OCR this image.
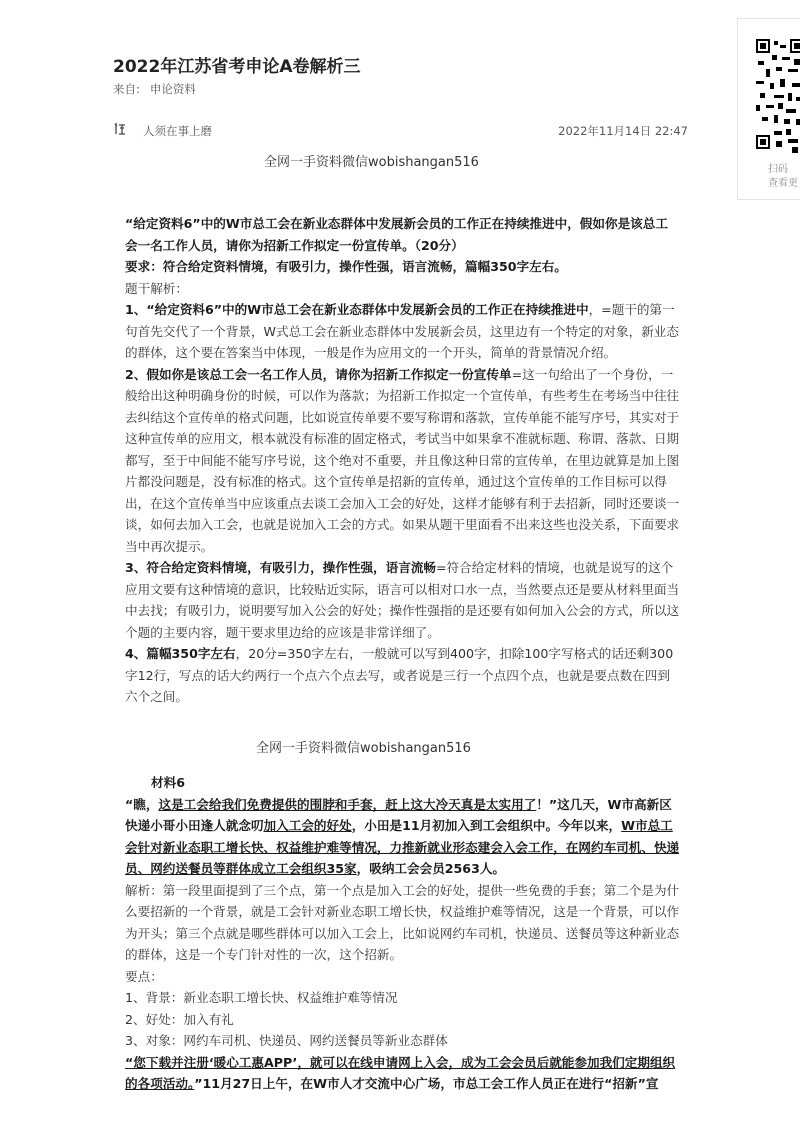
2022年江苏省考申论A卷解析三
来自: 申论资料
人须在事上磨	2022年11月14日 22:47
扫码
查看更
全网一手资料微信wobishangan516

“给定资料6”中的W市总工会在新业态群体中发展新会员的工作正在持续推进中，假如你是该总工会一名工作人员，请你为招新工作拟定一份宣传单。（20分）

要求：符合给定资料情境，有吸引力，操作性强，语言流畅，篇幅350字左右。

题干解析：

1、“给定资料6”中的W市总工会在新业态群体中发展新会员的工作正在持续推进中，=题干的第一句首先交代了一个背景，W式总工会在新业态群体中发展新会员，这里边有一个特定的对象，新业态的群体，这个要在答案当中体现，一般是作为应用文的一个开头，简单的背景情况介绍。

2、假如你是该总工会一名工作人员，请你为招新工作拟定一份宣传单=这一句给出了一个身份，一般给出这种明确身份的时候，可以作为落款；为招新工作拟定一个宣传单，有些考生在考场当中往往去纠结这个宣传单的格式问题，比如说宣传单要不要写称谓和落款，宣传单能不能写序号，其实对于这种宣传单的应用文，根本就没有标准的固定格式，考试当中如果拿不准就标题、称谓、落款、日期都写，至于中间能不能写序号说，这个绝对不重要，并且像这种日常的宣传单，在里边就算是加上图片都没问题是，没有标准的格式。这个宣传单是招新的宣传单，通过这个宣传单的工作目标可以得出，在这个宣传单当中应该重点去谈工会加入工会的好处，这样才能够有利于去招新，同时还要谈一谈，如何去加入工会，也就是说加入工会的方式。如果从题干里面看不出来这些也没关系，下面要求当中再次提示。

3、符合给定资料情境，有吸引力，操作性强，语言流畅=符合给定材料的情境，也就是说写的这个应用文要有这种情境的意识，比较贴近实际，语言可以相对口水一点，当然要点还是要从材料里面当中去找；有吸引力，说明要写加入公会的好处；操作性强指的是还要有如何加入公会的方式，所以这个题的主要内容，题干要求里边给的应该是非常详细了。

4、篇幅350字左右，20分=350字左右，一般就可以写到400字，扣除100字写格式的话还剩300字12行，写点的话大约两行一个点六个点去写，或者说是三行一个点四个点，也就是要点数在四到六个之间。

全网一手资料微信wobishangan516

材料6

“瞧，这是工会给我们免费提供的围脖和手套，赶上这大冷天真是太实用了！”这几天，W市高新区快递小哥小田逢人就念叨加入工会的好处，小田是11月初加入到工会组织中。今年以来，W市总工会针对新业态职工增长快、权益维护难等情况，力推新就业形态建会入会工作，在网约车司机、快递员、网约送餐员等群体成立工会组织35家，吸纳工会会员2563人。

解析：第一段里面提到了三个点，第一个点是加入工会的好处，提供一些免费的手套；第二个是为什么要招新的一个背景，就是工会针对新业态职工增长快，权益维护难等情况，这是一个背景，可以作为开头；第三个点就是哪些群体可以加入工会上，比如说网约车司机，快递员、送餐员等这种新业态的群体，这是一个专门针对性的一次，这个招新。

要点：

1、背景：新业态职工增长快、权益维护难等情况

2、好处：加入有礼

3、对象：网约车司机、快递员、网约送餐员等新业态群体

“您下载并注册‘暖心工惠APP’，就可以在线申请网上入会，成为工会会员后就能参加我们定期组织的各项活动。”11月27日上午，在W市人才交流中心广场，市总工会工作人员正在进行“招新”宣
